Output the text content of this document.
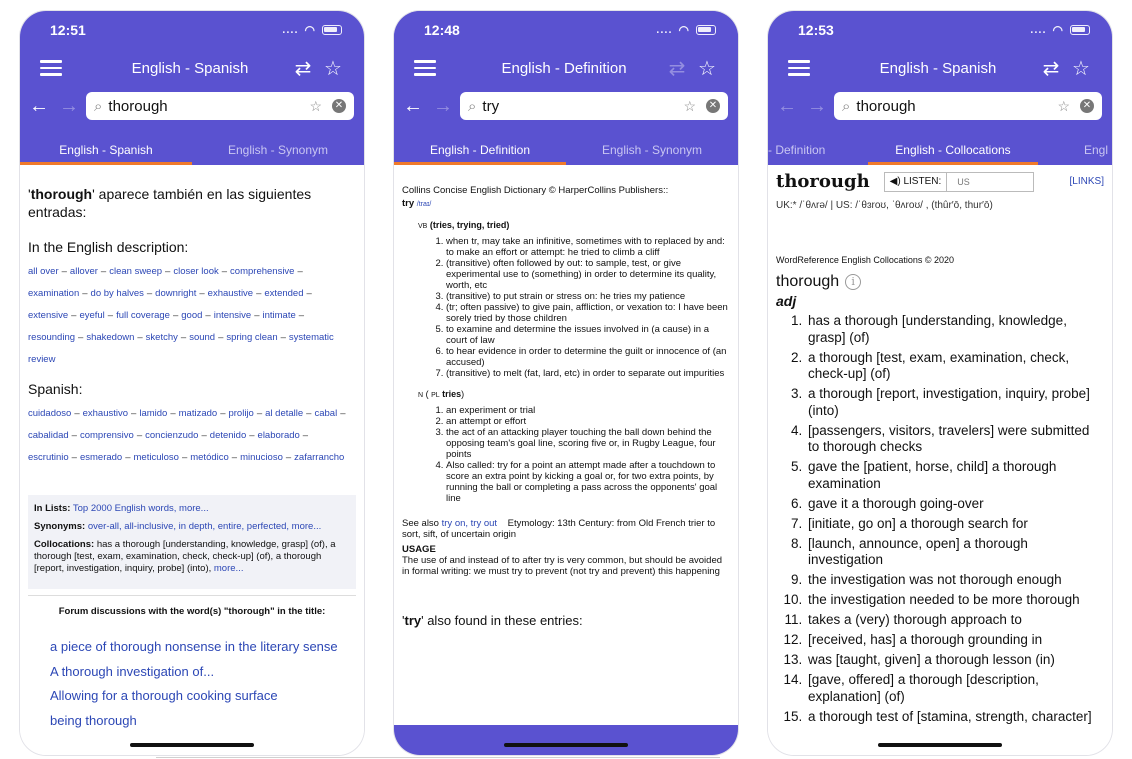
12:51	.... ◠
English - Spanish	⇄ ☆
← → ⌕ thorough	☆ ✕
English - Spanish	English - Synonym
'thorough' aparece también en las siguientes entradas:
In the English description:
all over – allover – clean sweep – closer look – comprehensive –examination – do by halves – downright – exhaustive – extended –extensive – eyeful – full coverage – good – intensive – intimate –resounding – shakedown – sketchy – sound – spring clean – systematic review
Spanish:
cuidadoso – exhaustivo – lamido – matizado – prolijo – al detalle – cabal –cabalidad – comprensivo – concienzudo – detenido – elaborado –escrutinio – esmerado – meticuloso – metódico – minucioso – zafarrancho

In Lists: Top 2000 English words, more...

Synonyms: over-all, all-inclusive, in depth, entire, perfected, more...

Collocations: has a thorough [understanding, knowledge, grasp] (of), a thorough [test, exam, examination, check, check-up] (of), a thorough [report, investigation, inquiry, probe] (into), more...

Forum discussions with the word(s) "thorough" in the title:
a piece of thorough nonsense in the literary sense
A thorough investigation of...
Allowing for a thorough cooking surface
being thorough
12:48	.... ◠
English - Definition	⇄ ☆
← → ⌕ try	☆ ✕
English - Definition	English - Synonym
Collins Concise English Dictionary © HarperCollins Publishers::
try /traɪ/
VB (tries, trying, tried)
1. when tr, may take an infinitive, sometimes with to replaced by and: to make an effort or attempt: he tried to climb a cliff
2. (transitive) often followed by out: to sample, test, or give experimental use to (something) in order to determine its quality, worth, etc
3. (transitive) to put strain or stress on: he tries my patience
4. (tr; often passive) to give pain, affliction, or vexation to: I have been sorely tried by those children
5. to examine and determine the issues involved in (a cause) in a court of law
6. to hear evidence in order to determine the guilt or innocence of (an accused)
7. (transitive) to melt (fat, lard, etc) in order to separate out impurities
N ( PL tries)
1. an experiment or trial
2. an attempt or effort
3. the act of an attacking player touching the ball down behind the opposing team's goal line, scoring five or, in Rugby League, four points
4. Also called: try for a point an attempt made after a touchdown to score an extra point by kicking a goal or, for two extra points, by running the ball or completing a pass across the opponents' goal line
See also try on, try out Etymology: 13th Century: from Old French trier to sort, sift, of uncertain origin
USAGE
The use of and instead of to after try is very common, but should be avoided in formal writing: we must try to prevent (not try and prevent) this happening
'try' also found in these entries:
12:53	.... ◠
English - Spanish	⇄ ☆
← → ⌕ thorough	☆ ✕
- Definition	English - Collocations	Engl
thorough	◀) LISTEN:	US	[LINKS]
UK:* /ˈθʌrə/ | US: /ˈθɜroʊ, ˈθʌroʊ/ , (thûr′ō, thur′ō)
WordReference English Collocations © 2020
thorough	i
adj
1. has a thorough [understanding, knowledge, grasp] (of)
2. a thorough [test, exam, examination, check, check-up] (of)
3. a thorough [report, investigation, inquiry, probe] (into)
4. [passengers, visitors, travelers] were submitted to thorough checks
5. gave the [patient, horse, child] a thorough examination
6. gave it a thorough going-over
7. [initiate, go on] a thorough search for
8. [launch, announce, open] a thorough investigation
9. the investigation was not thorough enough
10. the investigation needed to be more thorough
11. takes a (very) thorough approach to
12. [received, has] a thorough grounding in
13. was [taught, given] a thorough lesson (in)
14. [gave, offered] a thorough [description, explanation] (of)
15. a thorough test of [stamina, strength, character]
